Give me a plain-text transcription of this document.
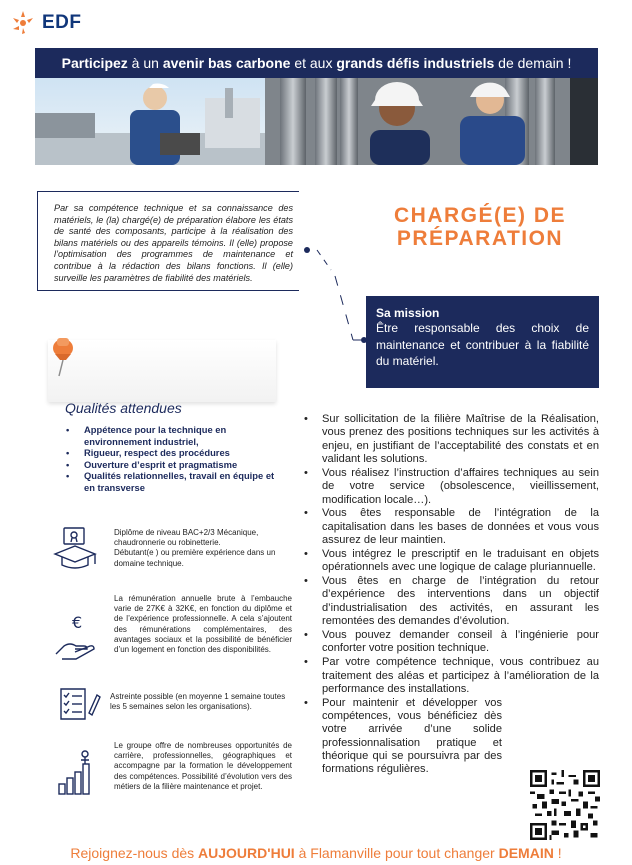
EDF
Participez à un avenir bas carbone et aux grands défis industriels de demain !
Par sa compétence technique et sa connaissance des matériels, le (la) chargé(e) de préparation élabore les états de santé des composants, participe à la réalisation des bilans matériels ou des appareils témoins. Il (elle) propose l’optimisation des programmes de maintenance et contribue à la rédaction des bilans fonctions. Il (elle) surveille les paramètres de fiabilité des matériels.
CHARGÉ(E) DE
PRÉPARATION
Sa mission
Être responsable des choix de maintenance et contribuer à la fiabilité du matériel.
Qualités attendues
• Appétence pour la technique en environnement industriel,
• Rigueur, respect des procédures
• Ouverture d’esprit et pragmatisme
• Qualités relationnelles, travail en équipe et en transverse
Diplôme de niveau BAC+2/3 Mécanique, chaudronnerie ou robinetterie.
Débutant(e ) ou première expérience dans un domaine technique.
€
La rémunération annuelle brute à l’embauche varie de 27K€ à 32K€, en fonction du diplôme et de l’expérience professionnelle. A cela s’ajoutent des rémunérations complémentaires, des avantages sociaux et la possibilité de bénéficier d’un logement en fonction des disponibilités.
Astreinte possible (en moyenne 1 semaine toutes les 5 semaines selon les organisations).
Le groupe offre de nombreuses opportunités de carrière, professionnelles, géographiques et accompagne par la formation le développement des compétences. Possibilité d’évolution vers des métiers de la filière maintenance et projet.
• Sur sollicitation de la filière Maîtrise de la Réalisation, vous prenez des positions techniques sur les activités à enjeu, en justifiant de l’acceptabilité des constats et en validant les solutions.
• Vous réalisez l’instruction d’affaires techniques au sein de votre service (obsolescence, vieillissement, modification locale…).
• Vous êtes responsable de l’intégration de la capitalisation dans les bases de données et vous vous assurez de leur maintien.
• Vous intégrez le prescriptif en le traduisant en objets opérationnels avec une logique de calage pluriannuelle.
• Vous êtes en charge de l’intégration du retour d’expérience des interventions dans un objectif d’industrialisation des activités, en assurant les remontées des demandes d’évolution.
• Vous pouvez demander conseil à l’ingénierie pour conforter votre position technique.
• Par votre compétence technique, vous contribuez au traitement des aléas et participez à l’amélioration de la performance des installations.
• Pour maintenir et développer vos compétences, vous bénéficiez dès votre arrivée d’une solide professionnalisation pratique et théorique qui se poursuivra par des formations régulières.
Rejoignez-nous dès AUJOURD'HUI à Flamanville pour tout changer DEMAIN !
